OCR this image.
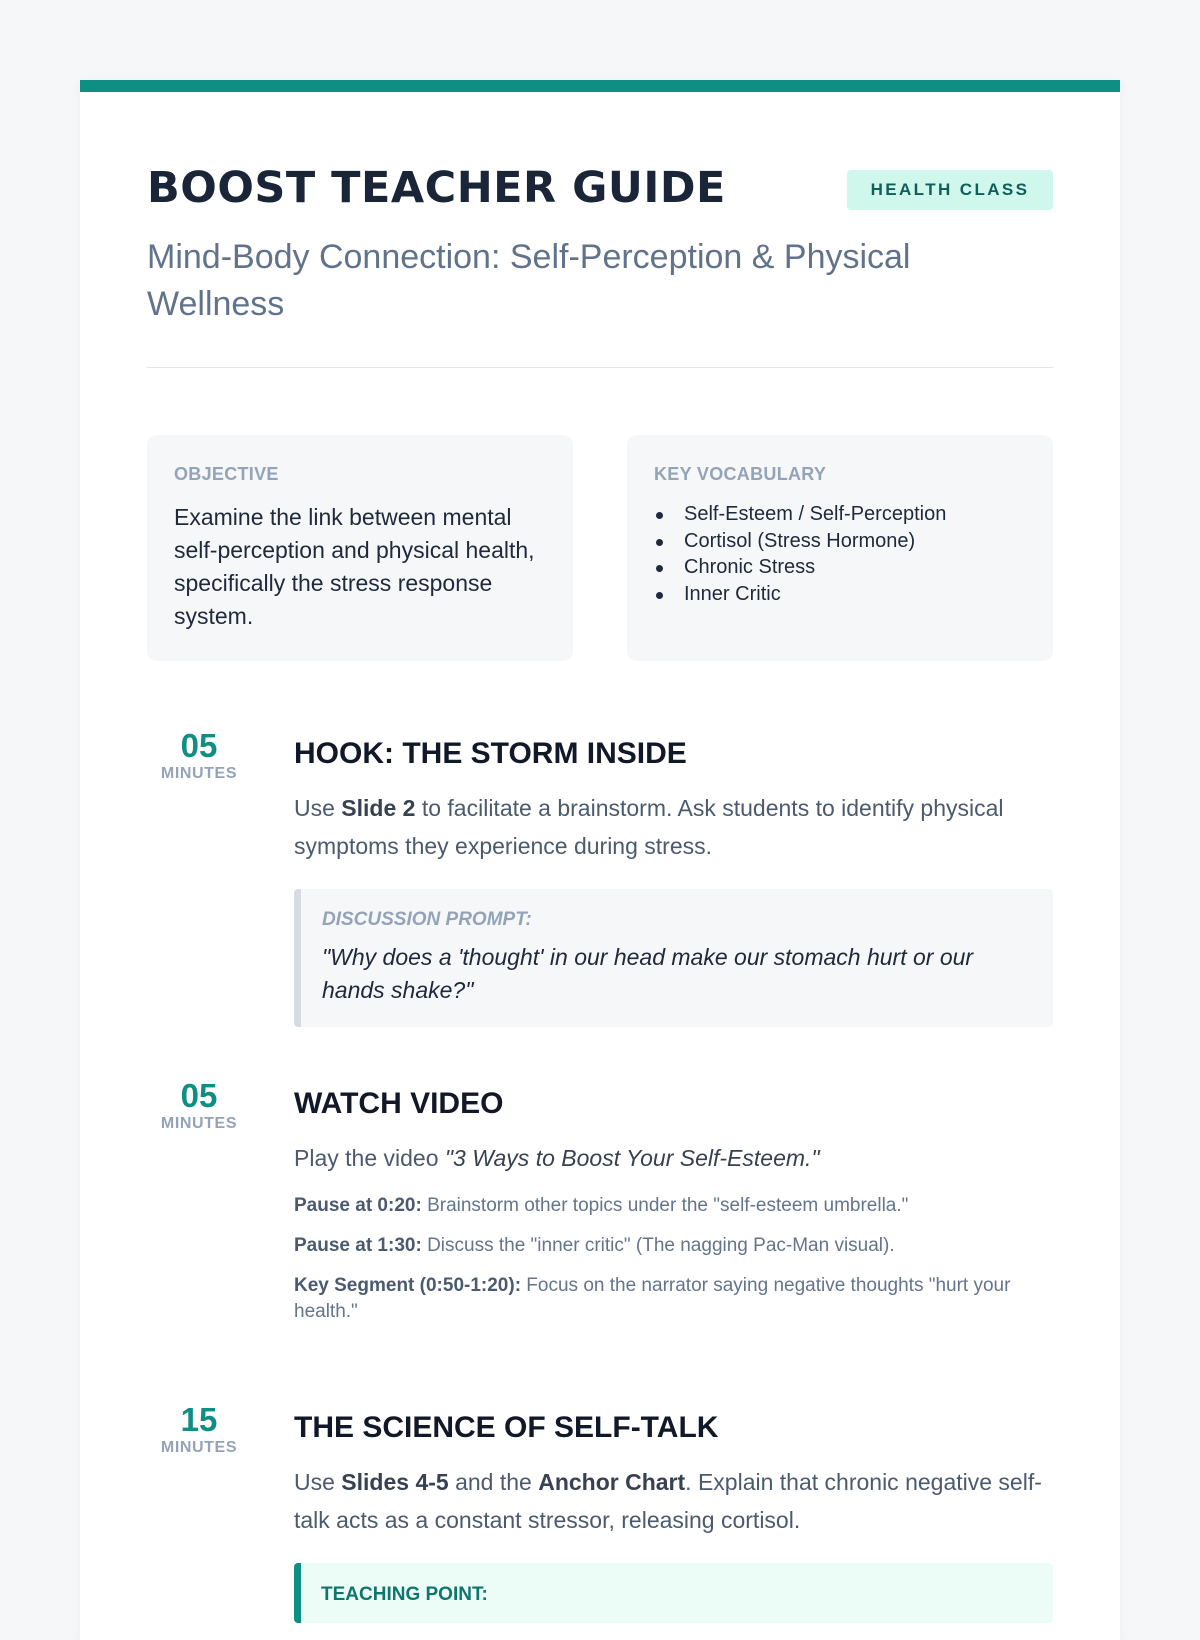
BOOST TEACHER GUIDE	HEALTH CLASS
Mind-Body Connection: Self-Perception & Physical Wellness
OBJECTIVE
Examine the link between mental self-perception and physical health, specifically the stress response system.
KEY VOCABULARY
Self-Esteem / Self-Perception
Cortisol (Stress Hormone)
Chronic Stress
Inner Critic
05
MINUTES
HOOK: THE STORM INSIDE
Use Slide 2 to facilitate a brainstorm. Ask students to identify physical symptoms they experience during stress.
DISCUSSION PROMPT:
"Why does a 'thought' in our head make our stomach hurt or our hands shake?"
05
MINUTES
WATCH VIDEO
Play the video "3 Ways to Boost Your Self-Esteem."
Pause at 0:20: Brainstorm other topics under the "self-esteem umbrella."
Pause at 1:30: Discuss the "inner critic" (The nagging Pac-Man visual).
Key Segment (0:50-1:20): Focus on the narrator saying negative thoughts "hurt your health."
15
MINUTES
THE SCIENCE OF SELF-TALK
Use Slides 4-5 and the Anchor Chart. Explain that chronic negative self-talk acts as a constant stressor, releasing cortisol.
TEACHING POINT:
